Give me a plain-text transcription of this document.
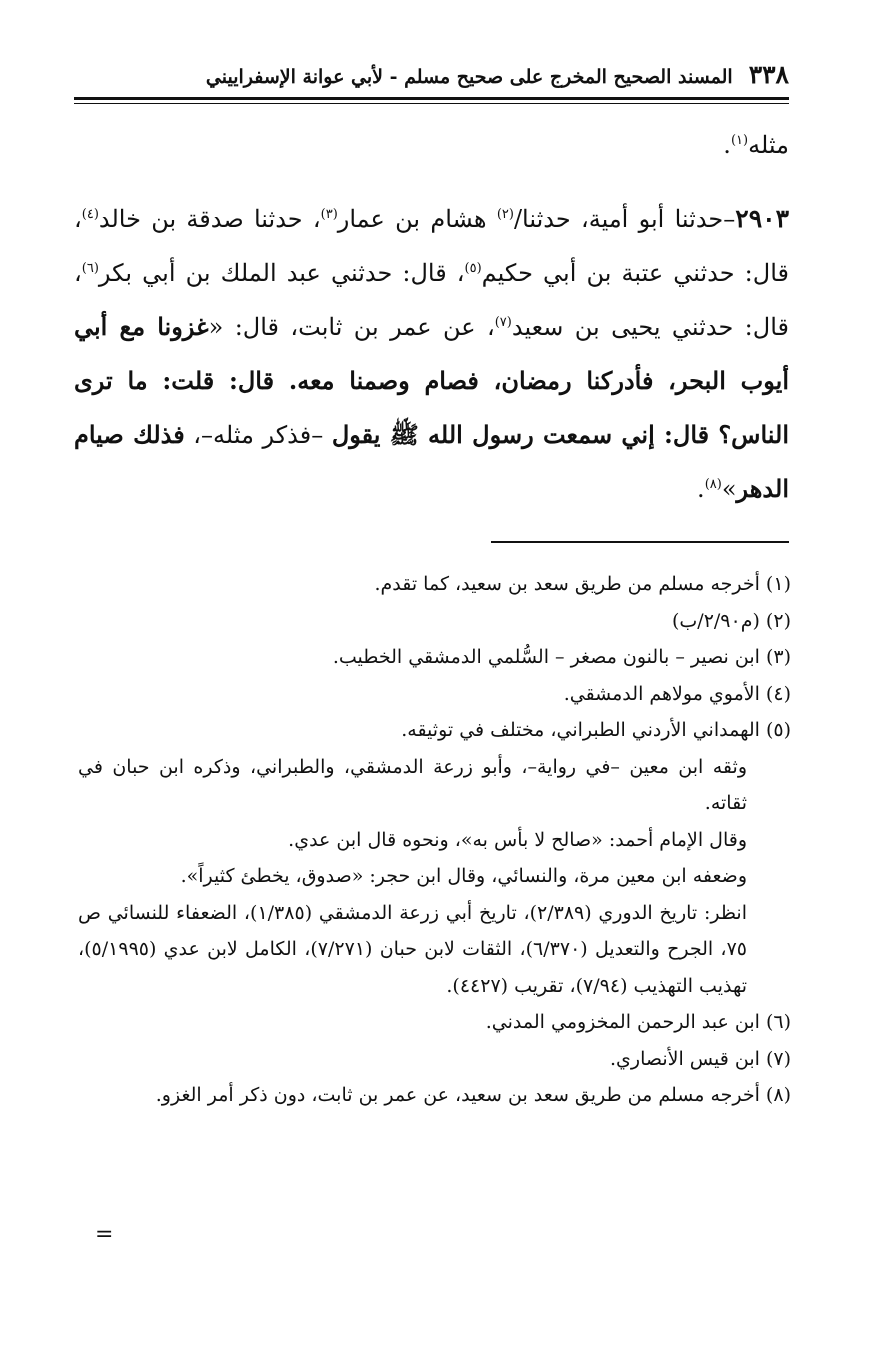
٣٣٨
المسند الصحيح المخرج على صحيح مسلم - لأبي عوانة الإسفراييني

مثله$^{(١)}$.

٢٩٠٣–حدثنا أبو أمية، حدثنا/$^{(٢)}$ هشام بن عمار$^{(٣)}$، حدثنا صدقة بن خالد$^{(٤)}$، قال: حدثني عتبة بن أبي حكيم$^{(٥)}$، قال: حدثني عبد الملك بن أبي بكر$^{(٦)}$، قال: حدثني يحيى بن سعيد$^{(٧)}$، عن عمر بن ثابت، قال: «غزونا مع أبي أيوب البحر، فأدركنا رمضان، فصام وصمنا معه. قال: قلت: ما ترى الناس؟ قال: إني سمعت رسول الله ﷺ يقول –فذكر مثله–، فذلك صيام الدهر»$^{(٨)}$.

(١) أخرجه مسلم من طريق سعد بن سعيد، كما تقدم.

(٢) (م٢/٩٠/ب)

(٣) ابن نصير – بالنون مصغر – السُّلمي الدمشقي الخطيب.

(٤) الأموي مولاهم الدمشقي.

(٥) الهمداني الأردني الطبراني، مختلف في توثيقه.

وثقه ابن معين –في رواية–، وأبو زرعة الدمشقي، والطبراني، وذكره ابن حبان في ثقاته.

وقال الإمام أحمد: «صالح لا بأس به»، ونحوه قال ابن عدي.

وضعفه ابن معين مرة، والنسائي، وقال ابن حجر: «صدوق، يخطئ كثيراً».

انظر: تاريخ الدوري (٢/٣٨٩)، تاريخ أبي زرعة الدمشقي (١/٣٨٥)، الضعفاء للنسائي ص ٧٥، الجرح والتعديل (٦/٣٧٠)، الثقات لابن حبان (٧/٢٧١)، الكامل لابن عدي (٥/١٩٩٥)، تهذيب التهذيب (٧/٩٤)، تقريب (٤٤٢٧).

(٦) ابن عبد الرحمن المخزومي المدني.

(٧) ابن قيس الأنصاري.

(٨) أخرجه مسلم من طريق سعد بن سعيد، عن عمر بن ثابت، دون ذكر أمر الغزو.

=
